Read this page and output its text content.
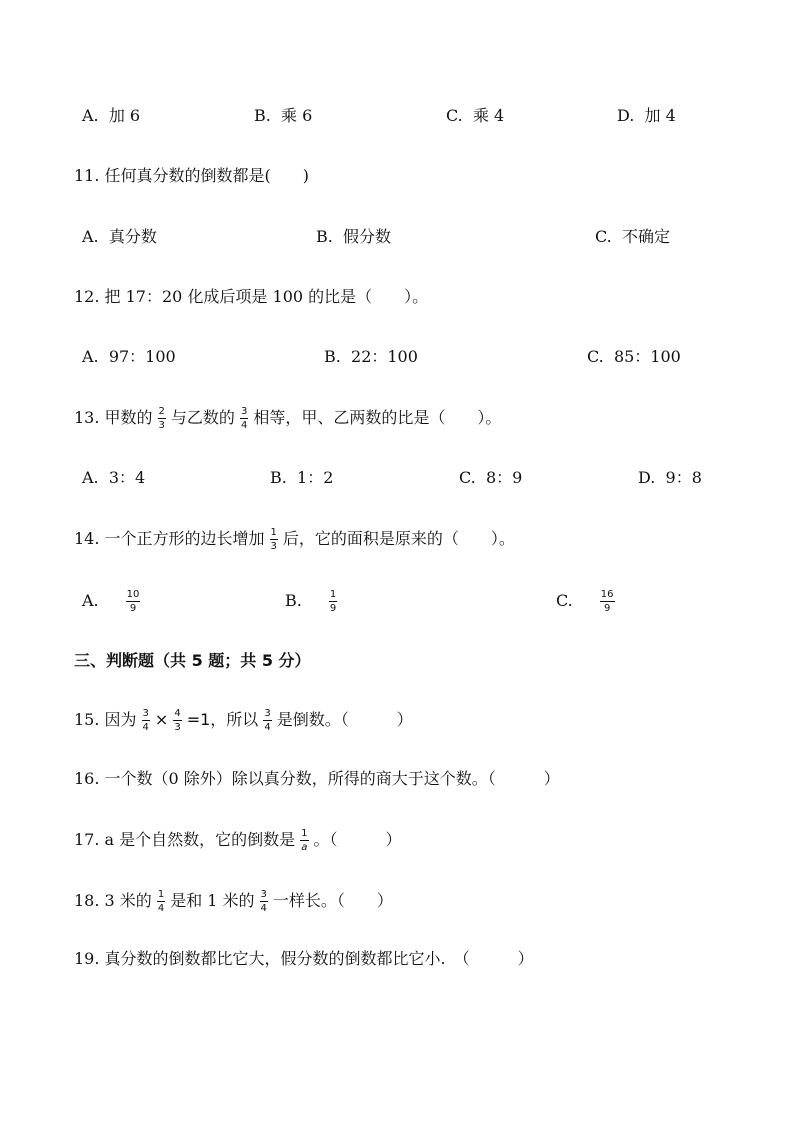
A. 加 6	B. 乘 6	C. 乘 4	D. 加 4
11. 任何真分数的倒数都是(　　)
A. 真分数	B. 假分数	C. 不确定
12. 把 17：20 化成后项是 100 的比是（　　）。
A. 97：100	B. 22：100	C. 85：100
13. 甲数的 $\frac{2}{3}$ 与乙数的 $\frac{3}{4}$ 相等，甲、乙两数的比是（　　）。
A. 3：4	B. 1：2	C. 8：9	D. 9：8
14. 一个正方形的边长增加 $\frac{1}{3}$ 后，它的面积是原来的（　　）。
A.	$\frac{10}{9}$	B.	$\frac{1}{9}$	C.	$\frac{16}{9}$
三、判断题（共 5 题；共 5 分）
15. 因为 $\frac{3}{4} \times \frac{4}{3} =1$，所以 $\frac{3}{4}$ 是倒数。（　　　）
16. 一个数（0 除外）除以真分数，所得的商大于这个数。（　　　）
17. a 是个自然数，它的倒数是 $\frac{1}{a}$ 。（　　　）
18. 3 米的 $\frac{1}{4}$ 是和 1 米的 $\frac{3}{4}$ 一样长。（　　）
19. 真分数的倒数都比它大，假分数的倒数都比它小.　（　　　）
